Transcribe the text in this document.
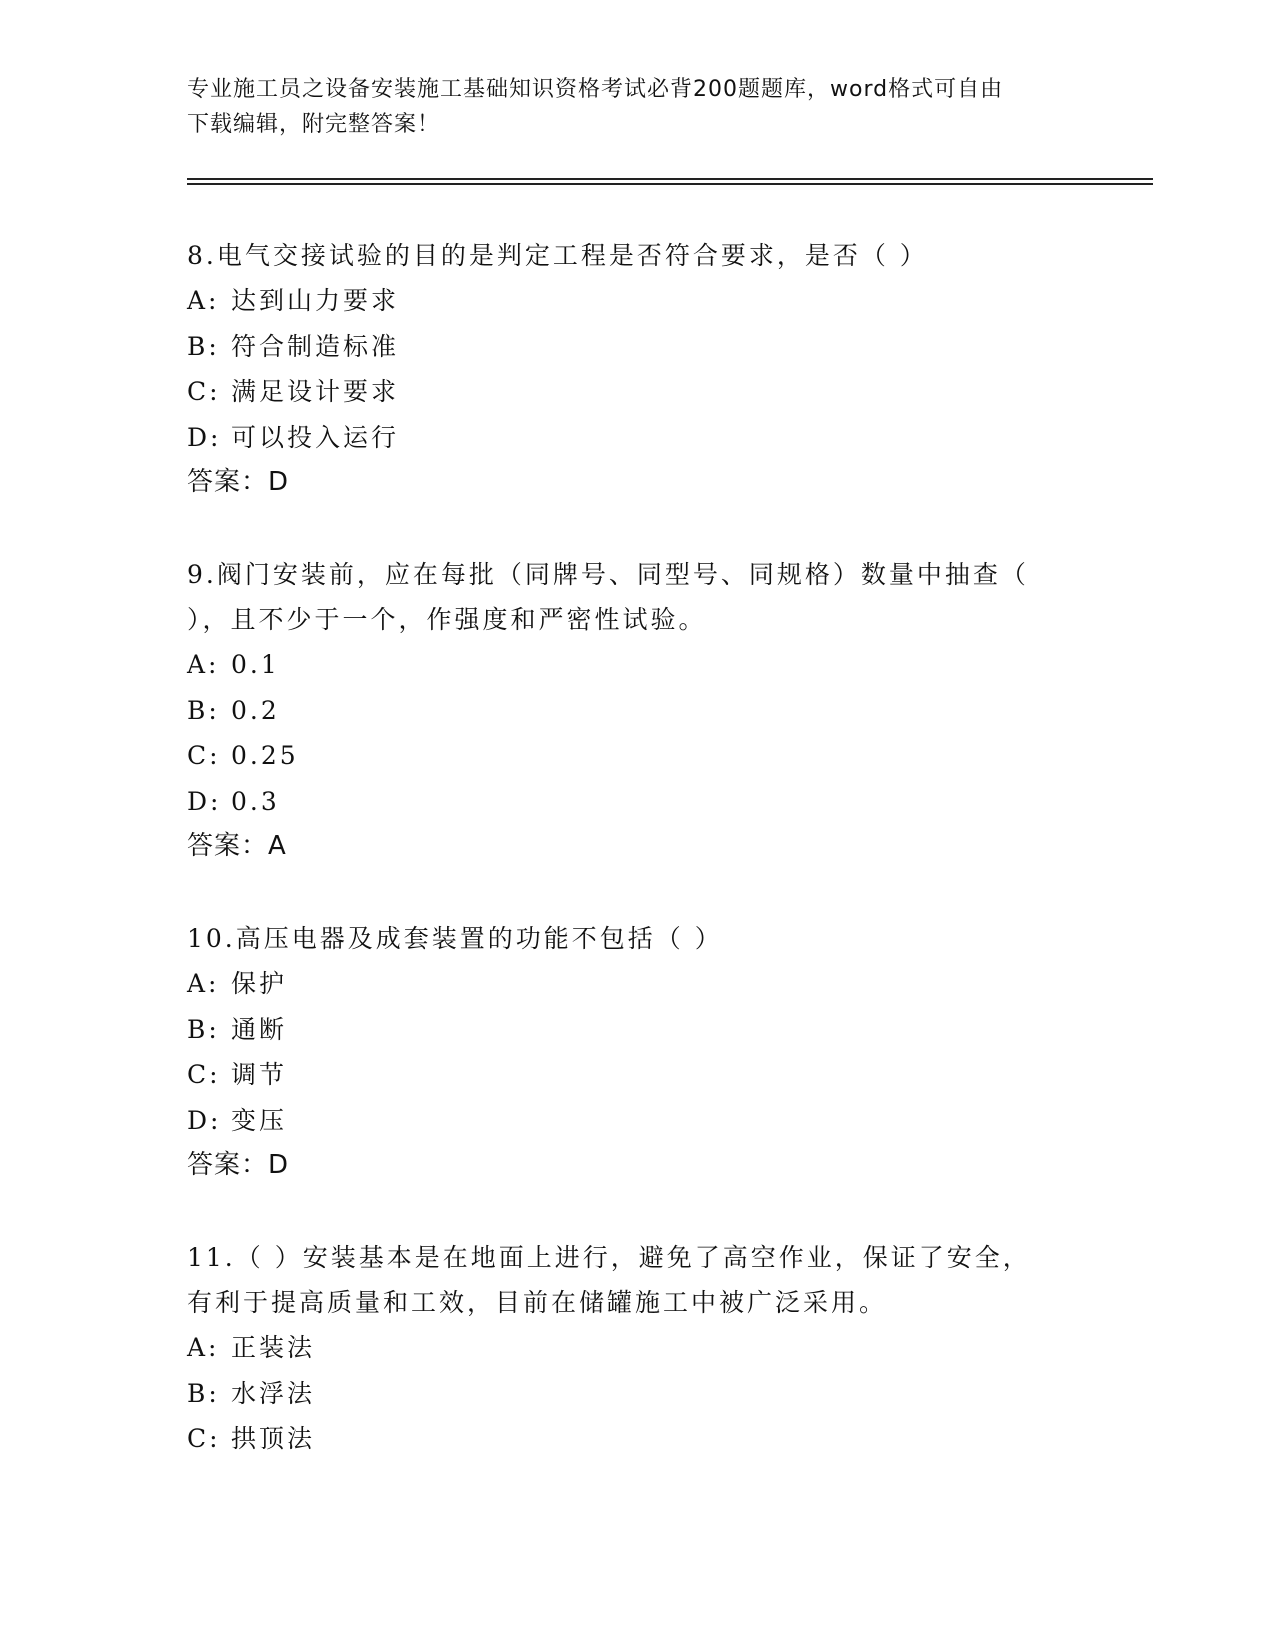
专业施工员之设备安装施工基础知识资格考试必背200题题库，word格式可自由
下载编辑，附完整答案！

8.电气交接试验的目的是判定工程是否符合要求，是否（ ）

A: 达到山力要求

B: 符合制造标准

C: 满足设计要求

D: 可以投入运行

答案：D

9.阀门安装前，应在每批（同牌号、同型号、同规格）数量中抽查（

），且不少于一个，作强度和严密性试验。

A: 0.1

B: 0.2

C: 0.25

D: 0.3

答案：A

10.高压电器及成套装置的功能不包括（ ）

A: 保护

B: 通断

C: 调节

D: 变压

答案：D

11.（ ）安装基本是在地面上进行，避免了高空作业，保证了安全，

有利于提高质量和工效，目前在储罐施工中被广泛采用。

A: 正装法

B: 水浮法

C: 拱顶法
